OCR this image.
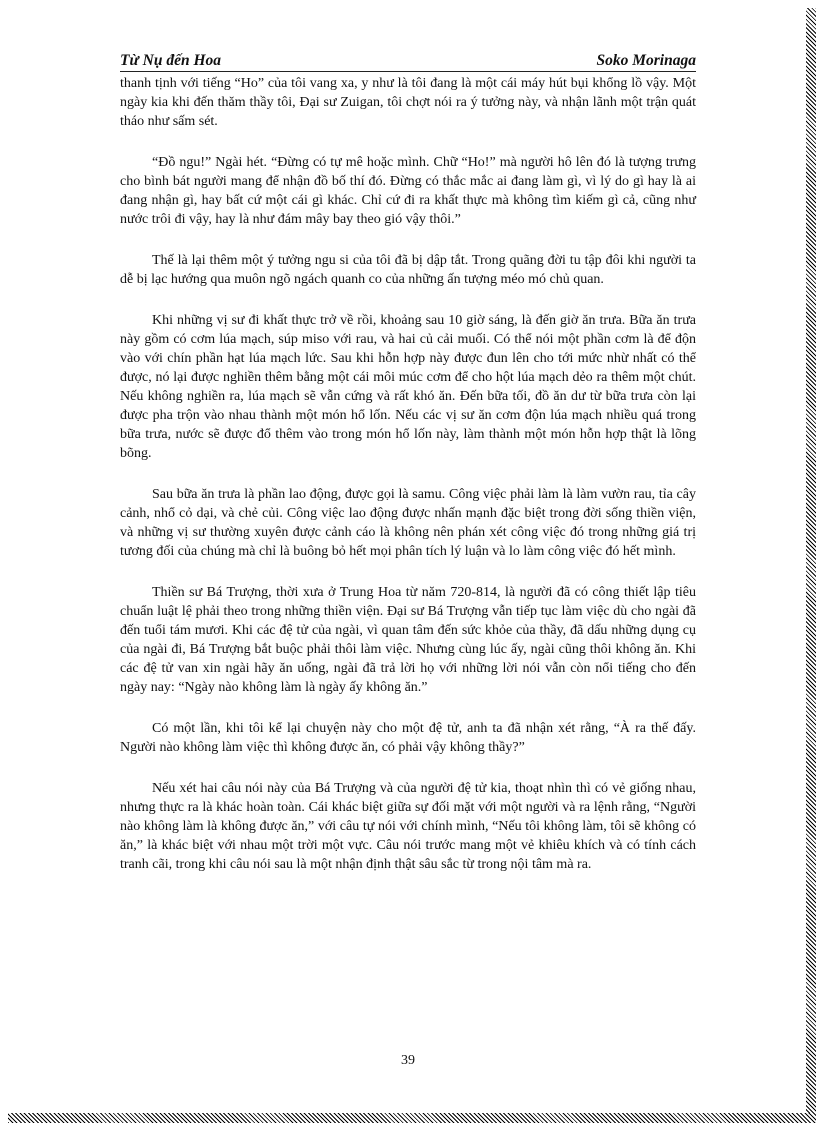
Từ Nụ đến Hoa	Soko Morinaga

thanh tịnh với tiếng “Ho” của tôi vang xa, y như là tôi đang là một cái máy hút bụi khổng lồ vậy. Một ngày kia khi đến thăm thầy tôi, Đại sư Zuigan, tôi chợt nói ra ý tưởng này, và nhận lãnh một trận quát tháo như sấm sét.

“Đồ ngu!” Ngài hét. “Đừng có tự mê hoặc mình. Chữ “Ho!” mà người hô lên đó là tượng trưng cho bình bát người mang để nhận đồ bố thí đó. Đừng có thắc mắc ai đang làm gì, vì lý do gì hay là ai đang nhận gì, hay bất cứ một cái gì khác. Chỉ cứ đi ra khất thực mà không tìm kiếm gì cả, cũng như nước trôi đi vậy, hay là như đám mây bay theo gió vậy thôi.”

Thế là lại thêm một ý tưởng ngu si của tôi đã bị dập tắt. Trong quãng đời tu tập đôi khi người ta dễ bị lạc hướng qua muôn ngõ ngách quanh co của những ấn tượng méo mó chủ quan.

Khi những vị sư đi khất thực trở về rồi, khoảng sau 10 giờ sáng, là đến giờ ăn trưa. Bữa ăn trưa này gồm có cơm lúa mạch, súp miso với rau, và hai củ cải muối. Có thể nói một phần cơm là để độn vào với chín phần hạt lúa mạch lức. Sau khi hỗn hợp này được đun lên cho tới mức nhừ nhất có thể được, nó lại được nghiền thêm bằng một cái môi múc cơm để cho hột lúa mạch dẻo ra thêm một chút. Nếu không nghiền ra, lúa mạch sẽ vẫn cứng và rất khó ăn. Đến bữa tối, đồ ăn dư từ bữa trưa còn lại được pha trộn vào nhau thành một món hổ lốn. Nếu các vị sư ăn cơm độn lúa mạch nhiều quá trong bữa trưa, nước sẽ được đổ thêm vào trong món hổ lốn này, làm thành một món hỗn hợp thật là lõng bõng.

Sau bữa ăn trưa là phần lao động, được gọi là samu. Công việc phải làm là làm vườn rau, tỉa cây cảnh, nhổ cỏ dại, và chẻ củi. Công việc lao động được nhấn mạnh đặc biệt trong đời sống thiền viện, và những vị sư thường xuyên được cảnh cáo là không nên phán xét công việc đó trong những giá trị tương đối của chúng mà chỉ là buông bỏ hết mọi phân tích lý luận và lo làm công việc đó hết mình.

Thiền sư Bá Trượng, thời xưa ở Trung Hoa từ năm 720-814, là người đã có công thiết lập tiêu chuẩn luật lệ phải theo trong những thiền viện. Đại sư Bá Trượng vẫn tiếp tục làm việc dù cho ngài đã đến tuổi tám mươi. Khi các đệ tử của ngài, vì quan tâm đến sức khỏe của thầy, đã dấu những dụng cụ của ngài đi, Bá Trượng bắt buộc phải thôi làm việc. Nhưng cùng lúc ấy, ngài cũng thôi không ăn. Khi các đệ tử van xin ngài hãy ăn uống, ngài đã trả lời họ với những lời nói vẫn còn nổi tiếng cho đến ngày nay: “Ngày nào không làm là ngày ấy không ăn.”

Có một lần, khi tôi kể lại chuyện này cho một đệ tử, anh ta đã nhận xét rằng, “À ra thế đấy. Người nào không làm việc thì không được ăn, có phải vậy không thầy?”

Nếu xét hai câu nói này của Bá Trượng và của người đệ tử kia, thoạt nhìn thì có vẻ giống nhau, nhưng thực ra là khác hoàn toàn. Cái khác biệt giữa sự đối mặt với một người và ra lệnh rằng, “Người nào không làm là không được ăn,” với câu tự nói với chính mình, “Nếu tôi không làm, tôi sẽ không có ăn,” là khác biệt với nhau một trời một vực. Câu nói trước mang một vẻ khiêu khích và có tính cách tranh cãi, trong khi câu nói sau là một nhận định thật sâu sắc từ trong nội tâm mà ra.

39
